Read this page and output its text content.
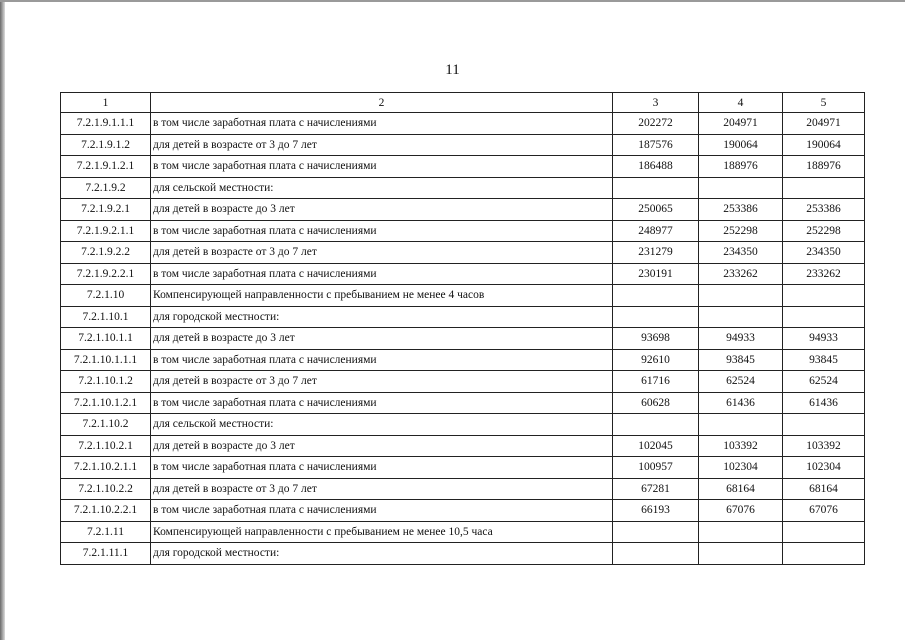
11
1	2	3	4	5
7.2.1.9.1.1.1	в том числе заработная плата с начислениями	202272	204971	204971
7.2.1.9.1.2	для детей в возрасте от 3 до 7 лет	187576	190064	190064
7.2.1.9.1.2.1	в том числе заработная плата с начислениями	186488	188976	188976
7.2.1.9.2	для сельской местности:			
7.2.1.9.2.1	для детей в возрасте до 3 лет	250065	253386	253386
7.2.1.9.2.1.1	в том числе заработная плата с начислениями	248977	252298	252298
7.2.1.9.2.2	для детей в возрасте от 3 до 7 лет	231279	234350	234350
7.2.1.9.2.2.1	в том числе заработная плата с начислениями	230191	233262	233262
7.2.1.10	Компенсирующей направленности с пребыванием не менее 4 часов			
7.2.1.10.1	для городской местности:			
7.2.1.10.1.1	для детей в возрасте до 3 лет	93698	94933	94933
7.2.1.10.1.1.1	в том числе заработная плата с начислениями	92610	93845	93845
7.2.1.10.1.2	для детей в возрасте от 3 до 7 лет	61716	62524	62524
7.2.1.10.1.2.1	в том числе заработная плата с начислениями	60628	61436	61436
7.2.1.10.2	для сельской местности:			
7.2.1.10.2.1	для детей в возрасте до 3 лет	102045	103392	103392
7.2.1.10.2.1.1	в том числе заработная плата с начислениями	100957	102304	102304
7.2.1.10.2.2	для детей в возрасте от 3 до 7 лет	67281	68164	68164
7.2.1.10.2.2.1	в том числе заработная плата с начислениями	66193	67076	67076
7.2.1.11	Компенсирующей направленности с пребыванием не менее 10,5 часа			
7.2.1.11.1	для городской местности:			
